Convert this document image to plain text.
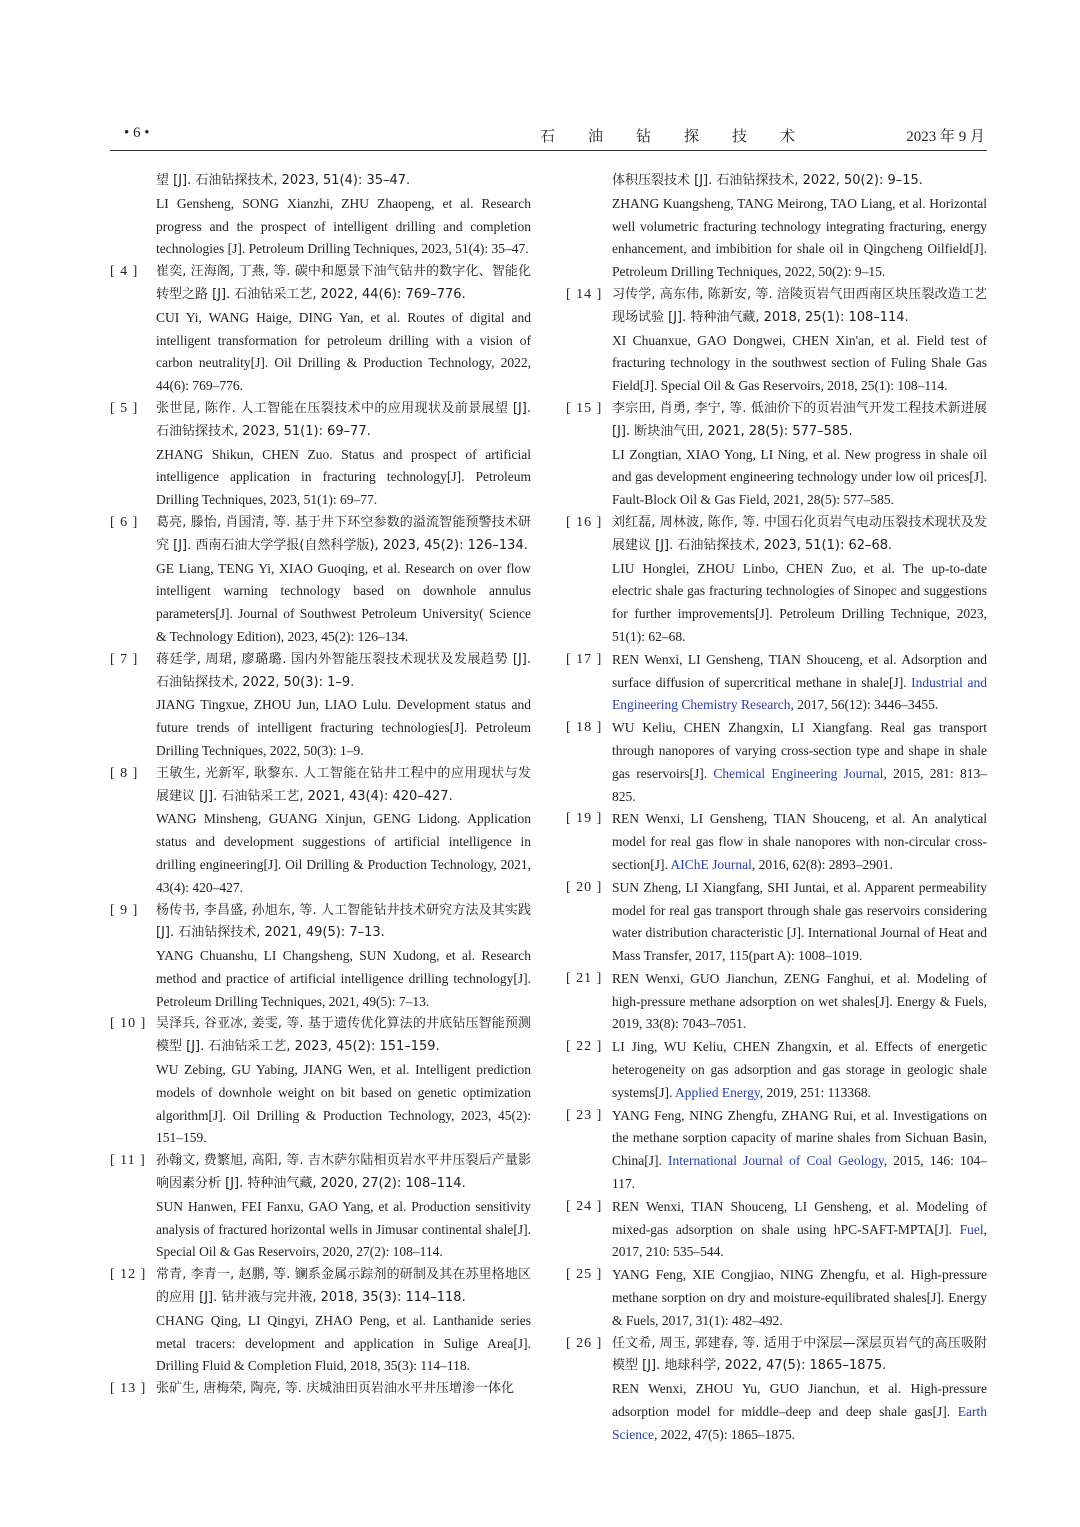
• 6 •	石油钻探技术	2023 年 9 月
望 [J]. 石油钻探技术, 2023, 51(4): 35–47.
LI Gensheng, SONG Xianzhi, ZHU Zhaopeng, et al. Research progress and the prospect of intelligent drilling and completion technologies [J]. Petroleum Drilling Techniques, 2023, 51(4): 35–47.
[ 4 ] 崔奕, 汪海阁, 丁燕, 等. 碳中和愿景下油气钻井的数字化、智能化转型之路 [J]. 石油钻采工艺, 2022, 44(6): 769–776.
CUI Yi, WANG Haige, DING Yan, et al. Routes of digital and intelligent transformation for petroleum drilling with a vision of carbon neutrality[J]. Oil Drilling & Production Technology, 2022, 44(6): 769–776.
[ 5 ] 张世昆, 陈作. 人工智能在压裂技术中的应用现状及前景展望 [J]. 石油钻探技术, 2023, 51(1): 69–77.
ZHANG Shikun, CHEN Zuo. Status and prospect of artificial intelligence application in fracturing technology[J]. Petroleum Drilling Techniques, 2023, 51(1): 69–77.
[ 6 ] 葛亮, 滕怡, 肖国清, 等. 基于井下环空参数的溢流智能预警技术研究 [J]. 西南石油大学学报(自然科学版), 2023, 45(2): 126–134.
GE Liang, TENG Yi, XIAO Guoqing, et al. Research on over flow intelligent warning technology based on downhole annulus parameters[J]. Journal of Southwest Petroleum University( Science & Technology Edition), 2023, 45(2): 126–134.
[ 7 ] 蒋廷学, 周珺, 廖璐璐. 国内外智能压裂技术现状及发展趋势 [J]. 石油钻探技术, 2022, 50(3): 1–9.
JIANG Tingxue, ZHOU Jun, LIAO Lulu. Development status and future trends of intelligent fracturing technologies[J]. Petroleum Drilling Techniques, 2022, 50(3): 1–9.
[ 8 ] 王敏生, 光新军, 耿黎东. 人工智能在钻井工程中的应用现状与发展建议 [J]. 石油钻采工艺, 2021, 43(4): 420–427.
WANG Minsheng, GUANG Xinjun, GENG Lidong. Application status and development suggestions of artificial intelligence in drilling engineering[J]. Oil Drilling & Production Technology, 2021, 43(4): 420–427.
[ 9 ] 杨传书, 李昌盛, 孙旭东, 等. 人工智能钻井技术研究方法及其实践 [J]. 石油钻探技术, 2021, 49(5): 7–13.
YANG Chuanshu, LI Changsheng, SUN Xudong, et al. Research method and practice of artificial intelligence drilling technology[J]. Petroleum Drilling Techniques, 2021, 49(5): 7–13.
[ 10 ] 吴泽兵, 谷亚冰, 姜雯, 等. 基于遗传优化算法的井底钻压智能预测模型 [J]. 石油钻采工艺, 2023, 45(2): 151–159.
WU Zebing, GU Yabing, JIANG Wen, et al. Intelligent prediction models of downhole weight on bit based on genetic optimization algorithm[J]. Oil Drilling & Production Technology, 2023, 45(2): 151–159.
[ 11 ] 孙翰文, 费繁旭, 高阳, 等. 吉木萨尔陆相页岩水平井压裂后产量影响因素分析 [J]. 特种油气藏, 2020, 27(2): 108–114.
SUN Hanwen, FEI Fanxu, GAO Yang, et al. Production sensitivity analysis of fractured horizontal wells in Jimusar continental shale[J]. Special Oil & Gas Reservoirs, 2020, 27(2): 108–114.
[ 12 ] 常青, 李青一, 赵鹏, 等. 镧系金属示踪剂的研制及其在苏里格地区的应用 [J]. 钻井液与完井液, 2018, 35(3): 114–118.
CHANG Qing, LI Qingyi, ZHAO Peng, et al. Lanthanide series metal tracers: development and application in Sulige Area[J]. Drilling Fluid & Completion Fluid, 2018, 35(3): 114–118.
[ 13 ] 张矿生, 唐梅荣, 陶亮, 等. 庆城油田页岩油水平井压增渗一体化
体积压裂技术 [J]. 石油钻探技术, 2022, 50(2): 9–15.
ZHANG Kuangsheng, TANG Meirong, TAO Liang, et al. Horizontal well volumetric fracturing technology integrating fracturing, energy enhancement, and imbibition for shale oil in Qingcheng Oilfield[J]. Petroleum Drilling Techniques, 2022, 50(2): 9–15.
[ 14 ] 习传学, 高东伟, 陈新安, 等. 涪陵页岩气田西南区块压裂改造工艺现场试验 [J]. 特种油气藏, 2018, 25(1): 108–114.
XI Chuanxue, GAO Dongwei, CHEN Xin'an, et al. Field test of fracturing technology in the southwest section of Fuling Shale Gas Field[J]. Special Oil & Gas Reservoirs, 2018, 25(1): 108–114.
[ 15 ] 李宗田, 肖勇, 李宁, 等. 低油价下的页岩油气开发工程技术新进展 [J]. 断块油气田, 2021, 28(5): 577–585.
LI Zongtian, XIAO Yong, LI Ning, et al. New progress in shale oil and gas development engineering technology under low oil prices[J]. Fault-Block Oil & Gas Field, 2021, 28(5): 577–585.
[ 16 ] 刘红磊, 周林波, 陈作, 等. 中国石化页岩气电动压裂技术现状及发展建议 [J]. 石油钻探技术, 2023, 51(1): 62–68.
LIU Honglei, ZHOU Linbo, CHEN Zuo, et al. The up-to-date electric shale gas fracturing technologies of Sinopec and suggestions for further improvements[J]. Petroleum Drilling Technique, 2023, 51(1): 62–68.
[ 17 ] REN Wenxi, LI Gensheng, TIAN Shouceng, et al. Adsorption and surface diffusion of supercritical methane in shale[J]. Industrial and Engineering Chemistry Research, 2017, 56(12): 3446–3455.
[ 18 ] WU Keliu, CHEN Zhangxin, LI Xiangfang. Real gas transport through nanopores of varying cross-section type and shape in shale gas reservoirs[J]. Chemical Engineering Journal, 2015, 281: 813–825.
[ 19 ] REN Wenxi, LI Gensheng, TIAN Shouceng, et al. An analytical model for real gas flow in shale nanopores with non-circular cross-section[J]. AIChE Journal, 2016, 62(8): 2893–2901.
[ 20 ] SUN Zheng, LI Xiangfang, SHI Juntai, et al. Apparent permeability model for real gas transport through shale gas reservoirs considering water distribution characteristic [J]. International Journal of Heat and Mass Transfer, 2017, 115(part A): 1008–1019.
[ 21 ] REN Wenxi, GUO Jianchun, ZENG Fanghui, et al. Modeling of high-pressure methane adsorption on wet shales[J]. Energy & Fuels, 2019, 33(8): 7043–7051.
[ 22 ] LI Jing, WU Keliu, CHEN Zhangxin, et al. Effects of energetic heterogeneity on gas adsorption and gas storage in geologic shale systems[J]. Applied Energy, 2019, 251: 113368.
[ 23 ] YANG Feng, NING Zhengfu, ZHANG Rui, et al. Investigations on the methane sorption capacity of marine shales from Sichuan Basin, China[J]. International Journal of Coal Geology, 2015, 146: 104–117.
[ 24 ] REN Wenxi, TIAN Shouceng, LI Gensheng, et al. Modeling of mixed-gas adsorption on shale using hPC-SAFT-MPTA[J]. Fuel, 2017, 210: 535–544.
[ 25 ] YANG Feng, XIE Congjiao, NING Zhengfu, et al. High-pressure methane sorption on dry and moisture-equilibrated shales[J]. Energy & Fuels, 2017, 31(1): 482–492.
[ 26 ] 任文希, 周玉, 郭建春, 等. 适用于中深层—深层页岩气的高压吸附模型 [J]. 地球科学, 2022, 47(5): 1865–1875.
REN Wenxi, ZHOU Yu, GUO Jianchun, et al. High-pressure adsorption model for middle–deep and deep shale gas[J]. Earth Science, 2022, 47(5): 1865–1875.
